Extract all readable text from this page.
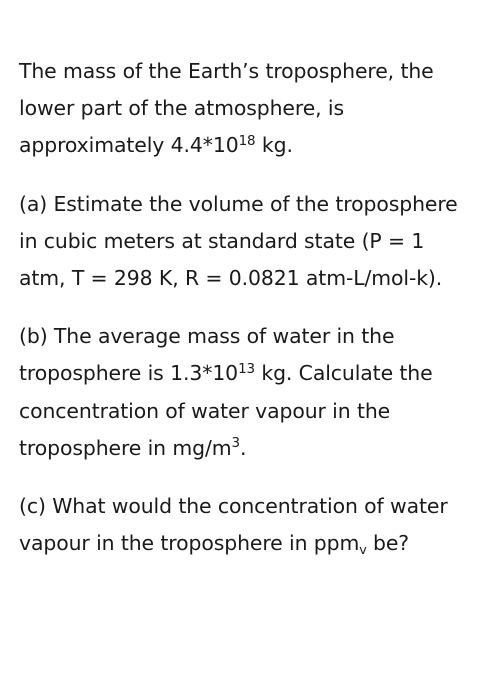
The mass of the Earth’s troposphere, the lower part of the atmosphere, is approximately $4.4*10^{18}$ kg.

(a) Estimate the volume of the troposphere in cubic meters at standard state (P = 1 atm, T = 298 K, R = 0.0821 atm-L/mol-k).

(b) The average mass of water in the troposphere is $1.3*10^{13}$ kg. Calculate the concentration of water vapour in the troposphere in $mg/m^3$.

(c) What would the concentration of water vapour in the troposphere in ppm$_v$ be?
